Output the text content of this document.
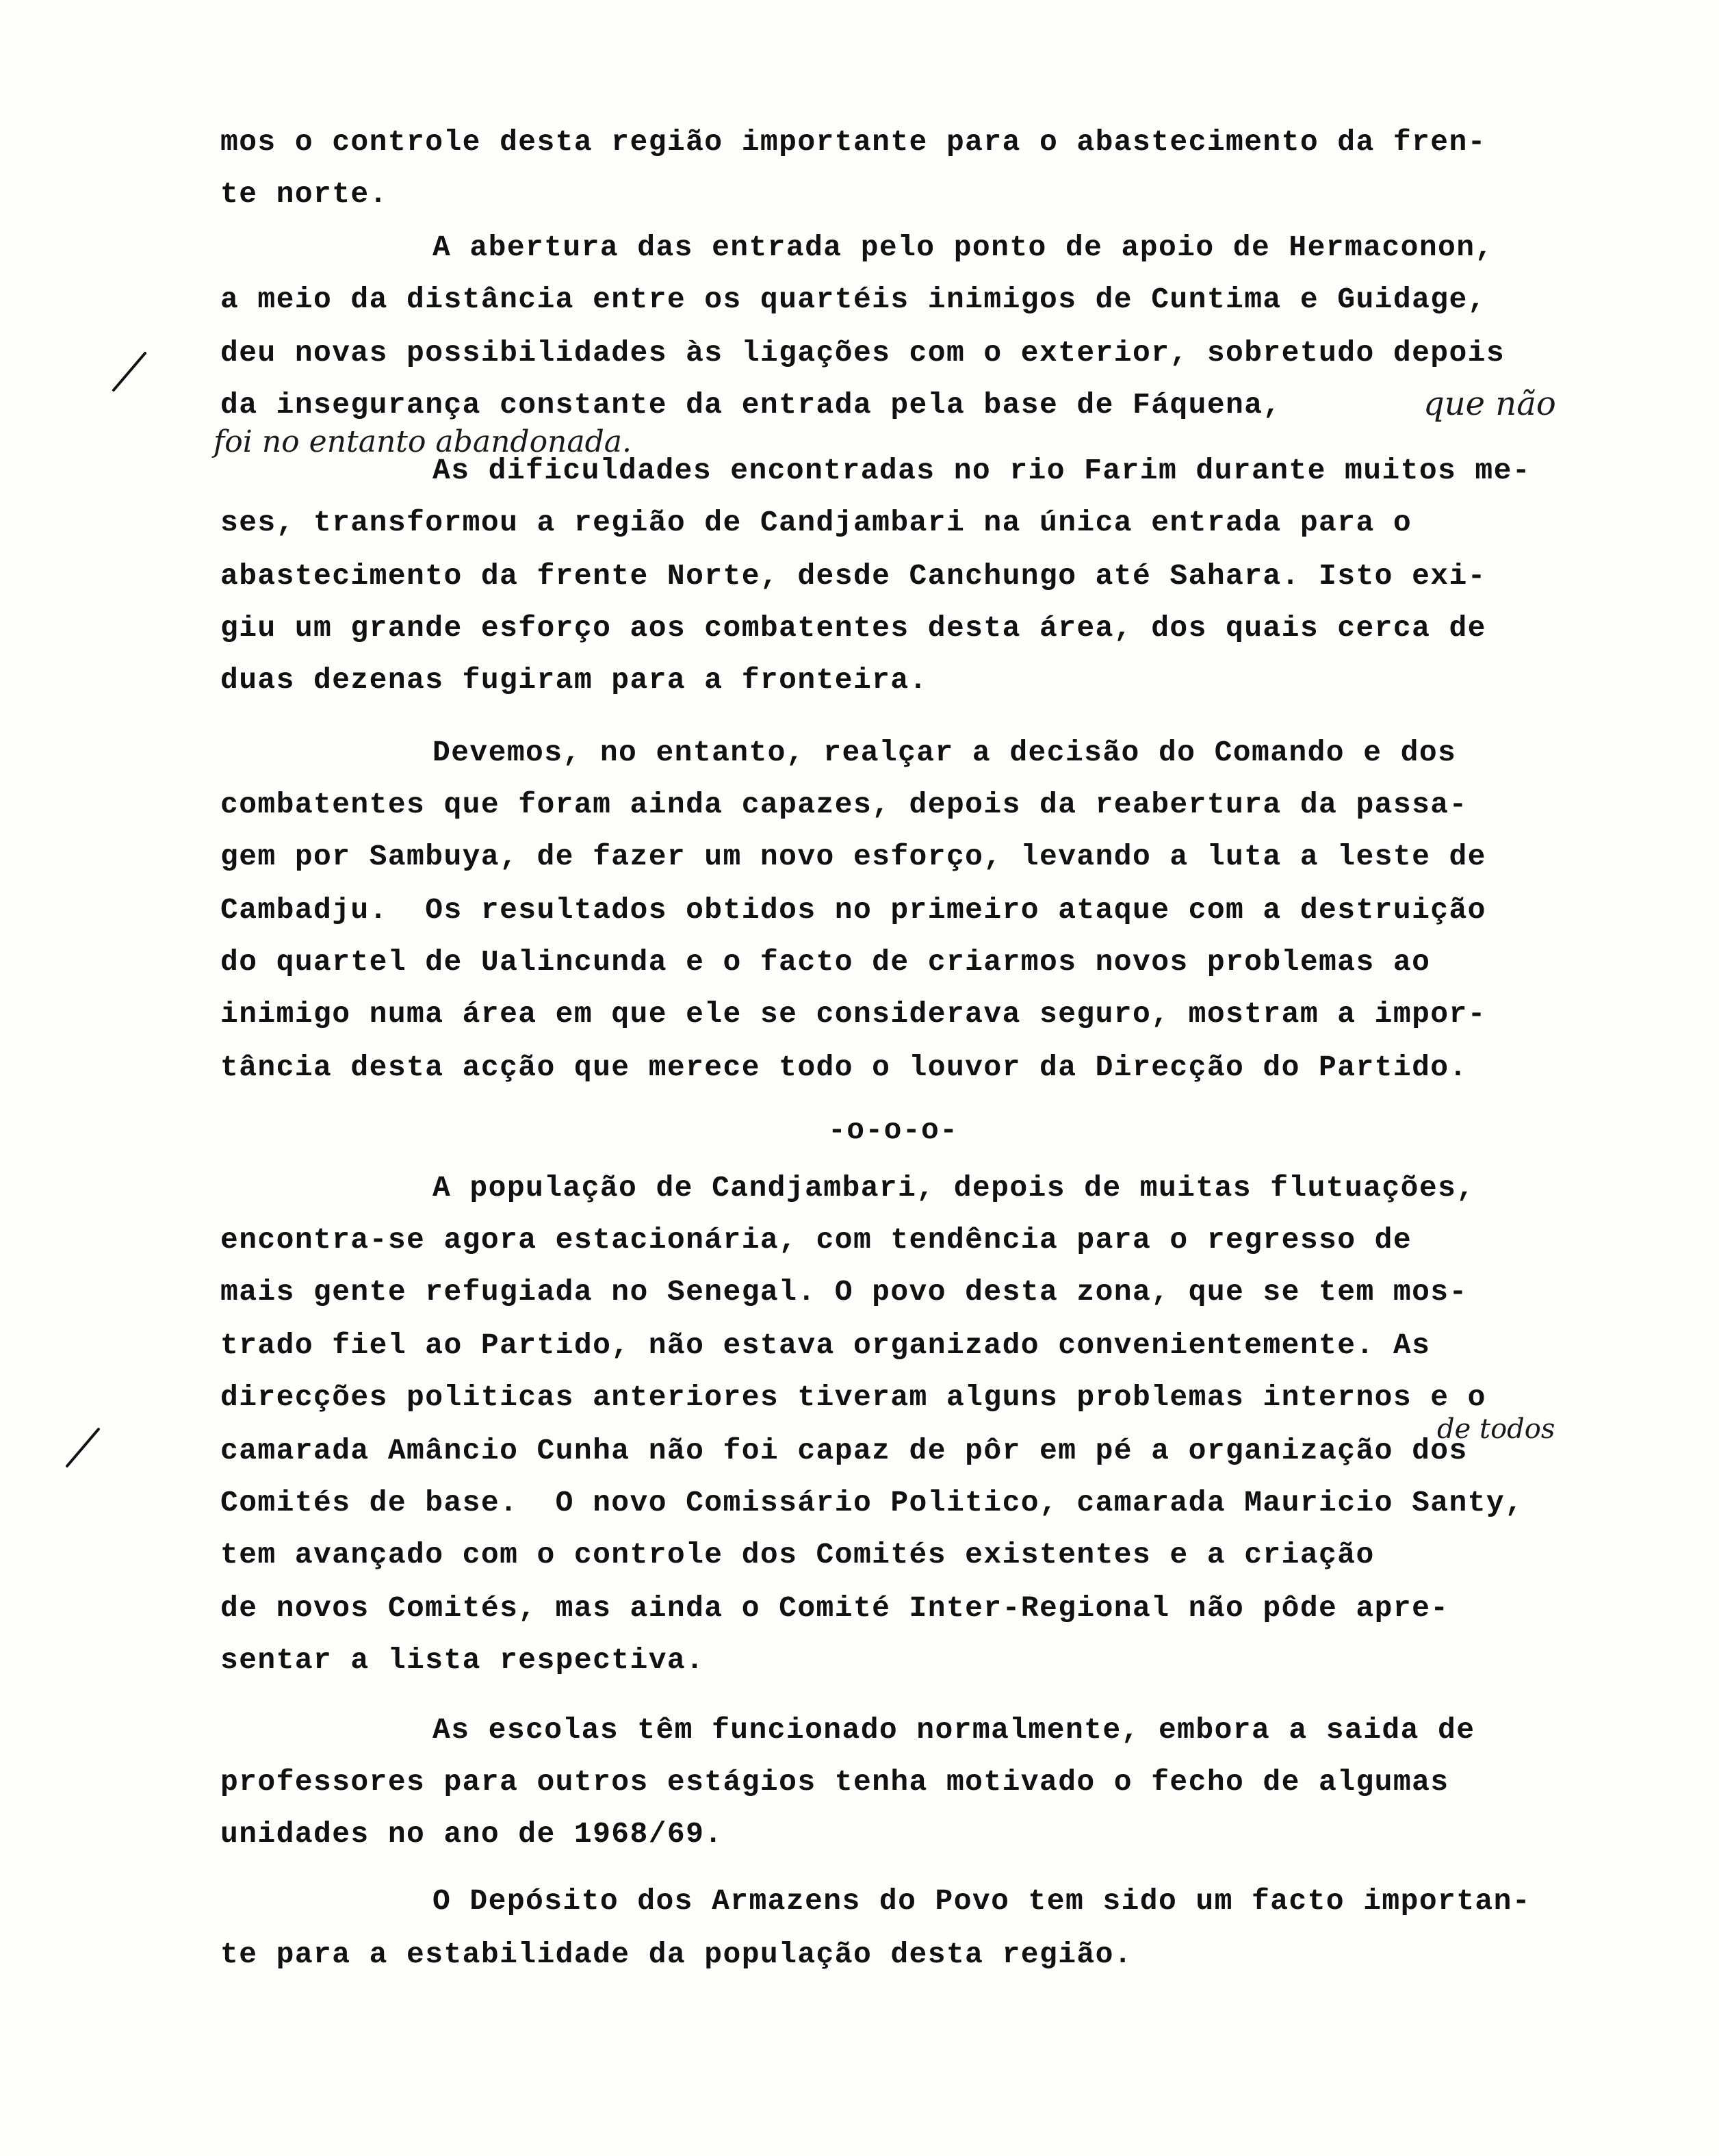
mos o controle desta região importante para o abastecimento da fren-
te norte.
A abertura das entrada pelo ponto de apoio de Hermaconon,
a meio da distância entre os quartéis inimigos de Cuntima e Guidage,
deu novas possibilidades às ligações com o exterior, sobretudo depois
da insegurança constante da entrada pela base de Fáquena,	que não
foi no entanto abandonada.
As dificuldades encontradas no rio Farim durante muitos me-
ses, transformou a região de Candjambari na única entrada para o
abastecimento da frente Norte, desde Canchungo até Sahara. Isto exi-
giu um grande esforço aos combatentes desta área, dos quais cerca de
duas dezenas fugiram para a fronteira.
Devemos, no entanto, realçar a decisão do Comando e dos
combatentes que foram ainda capazes, depois da reabertura da passa-
gem por Sambuya, de fazer um novo esforço, levando a luta a leste de
Cambadju.  Os resultados obtidos no primeiro ataque com a destruição
do quartel de Ualincunda e o facto de criarmos novos problemas ao
inimigo numa área em que ele se considerava seguro, mostram a impor-
tância desta acção que merece todo o louvor da Direcção do Partido.
-o-o-o-
A população de Candjambari, depois de muitas flutuações,
encontra-se agora estacionária, com tendência para o regresso de
mais gente refugiada no Senegal. O povo desta zona, que se tem mos-
trado fiel ao Partido, não estava organizado convenientemente. As
direcções politicas anteriores tiveram alguns problemas internos e o
de todos
camarada Amâncio Cunha não foi capaz de pôr em pé a organização dos
Comités de base.  O novo Comissário Politico, camarada Mauricio Santy,
tem avançado com o controle dos Comités existentes e a criação
de novos Comités, mas ainda o Comité Inter-Regional não pôde apre-
sentar a lista respectiva.
As escolas têm funcionado normalmente, embora a saida de
professores para outros estágios tenha motivado o fecho de algumas
unidades no ano de 1968/69.
O Depósito dos Armazens do Povo tem sido um facto importan-
te para a estabilidade da população desta região.
